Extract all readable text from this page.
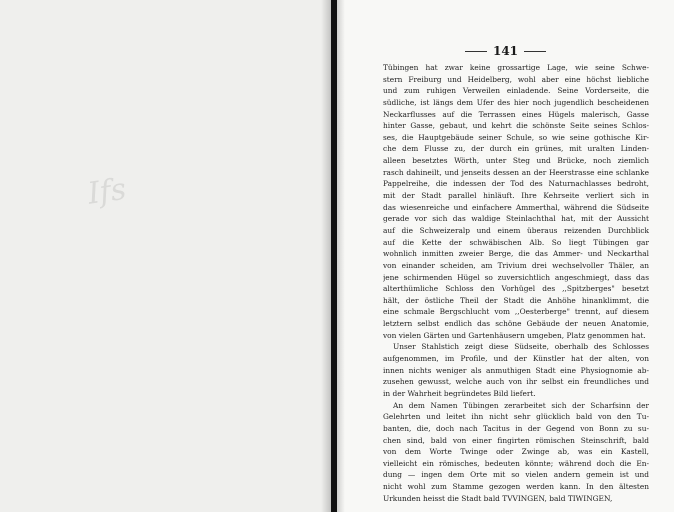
Ifs
141
Tübingen hat zwar keine grossartige Lage, wie seine Schwe-
stern Freiburg und Heidelberg, wohl aber eine höchst liebliche
und zum ruhigen Verweilen einladende. Seine Vorderseite, die
südliche, ist längs dem Ufer des hier noch jugendlich bescheidenen
Neckarflusses auf die Terrassen eines Hügels malerisch, Gasse
hinter Gasse, gebaut, und kehrt die schönste Seite seines Schlos-
ses, die Hauptgebäude seiner Schule, so wie seine gothische Kir-
che dem Flusse zu, der durch ein grünes, mit uralten Linden-
alleen besetztes Wörth, unter Steg und Brücke, noch ziemlich
rasch dahineilt, und jenseits dessen an der Heerstrasse eine schlanke
Pappelreihe, die indessen der Tod des Naturnachlasses bedroht,
mit der Stadt parallel hinläuft. Ihre Kehrseite verliert sich in
das wiesenreiche und einfachere Ammerthal, während die Südseite
gerade vor sich das waldige Steinlachthal hat, mit der Aussicht
auf die Schweizeralp und einem überaus reizenden Durchblick
auf die Kette der schwäbischen Alb. So liegt Tübingen gar
wohnlich inmitten zweier Berge, die das Ammer- und Neckarthal
von einander scheiden, am Trivium drei wechselvoller Thäler, an
jene schirmenden Hügel so zuversichtlich angeschmiegt, dass das
alterthümliche Schloss den Vorhügel des ,,Spitzberges" besetzt
hält, der östliche Theil der Stadt die Anhöhe hinanklimmt, die
eine schmale Bergschlucht vom ,,Oesterberge" trennt, auf diesem
letztern selbst endlich das schöne Gebäude der neuen Anatomie,
von vielen Gärten und Gartenhäusern umgeben, Platz genommen hat.
Unser Stahlstich zeigt diese Südseite, oberhalb des Schlosses
aufgenommen, im Profile, und der Künstler hat der alten, von
innen nichts weniger als anmuthigen Stadt eine Physiognomie ab-
zusehen gewusst, welche auch von ihr selbst ein freundliches und
in der Wahrheit begründetes Bild liefert.
An dem Namen Tübingen zerarbeitet sich der Scharfsinn der
Gelehrten und leitet ihn nicht sehr glücklich bald von den Tu-
banten, die, doch nach Tacitus in der Gegend von Bonn zu su-
chen sind, bald von einer fingirten römischen Steinschrift, bald
von dem Worte Twinge oder Zwinge ab, was ein Kastell,
vielleicht ein römisches, bedeuten könnte; während doch die En-
dung — ingen dem Orte mit so vielen andern gemein ist und
nicht wohl zum Stamme gezogen werden kann. In den ältesten
Urkunden heisst die Stadt bald TVVINGEN, bald TIWINGEN,
